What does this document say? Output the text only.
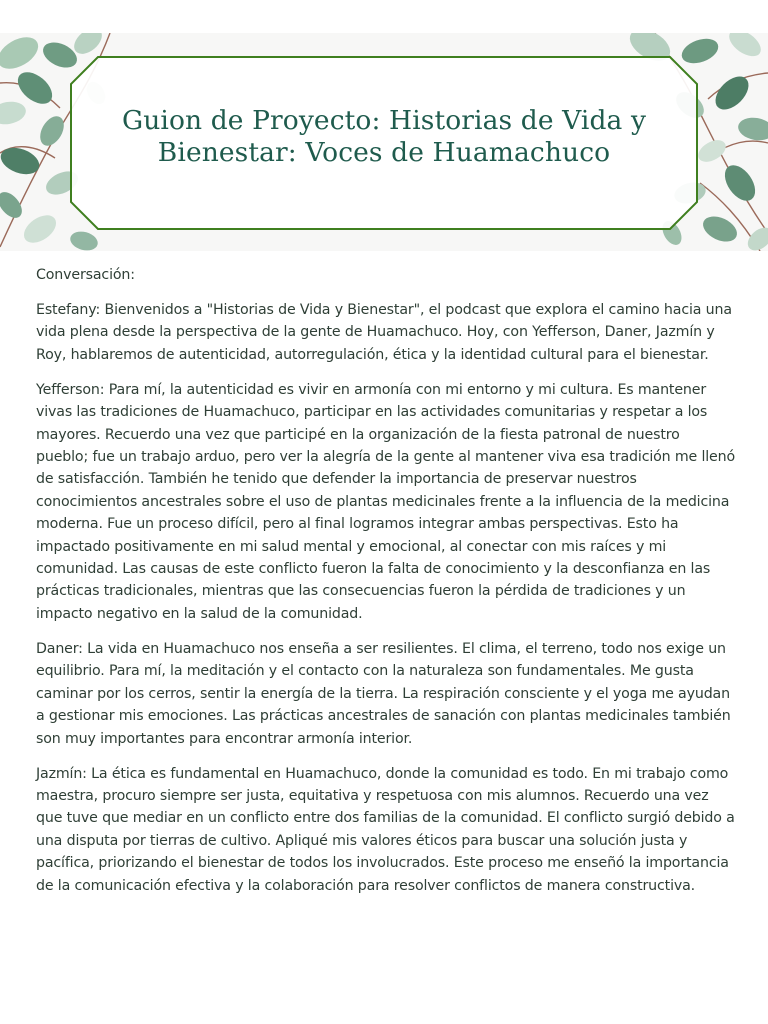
Guion de Proyecto: Historias de Vida y Bienestar: Voces de Huamachuco

Conversación:

Estefany: Bienvenidos a "Historias de Vida y Bienestar", el podcast que explora el camino hacia una vida plena desde la perspectiva de la gente de Huamachuco. Hoy, con Yefferson, Daner, Jazmín y Roy, hablaremos de autenticidad, autorregulación, ética y la identidad cultural para el bienestar.

Yefferson: Para mí, la autenticidad es vivir en armonía con mi entorno y mi cultura. Es mantener vivas las tradiciones de Huamachuco, participar en las actividades comunitarias y respetar a los mayores. Recuerdo una vez que participé en la organización de la fiesta patronal de nuestro pueblo; fue un trabajo arduo, pero ver la alegría de la gente al mantener viva esa tradición me llenó de satisfacción. También he tenido que defender la importancia de preservar nuestros conocimientos ancestrales sobre el uso de plantas medicinales frente a la influencia de la medicina moderna. Fue un proceso difícil, pero al final logramos integrar ambas perspectivas. Esto ha impactado positivamente en mi salud mental y emocional, al conectar con mis raíces y mi comunidad. Las causas de este conflicto fueron la falta de conocimiento y la desconfianza en las prácticas tradicionales, mientras que las consecuencias fueron la pérdida de tradiciones y un impacto negativo en la salud de la comunidad.

Daner: La vida en Huamachuco nos enseña a ser resilientes. El clima, el terreno, todo nos exige un equilibrio. Para mí, la meditación y el contacto con la naturaleza son fundamentales. Me gusta caminar por los cerros, sentir la energía de la tierra. La respiración consciente y el yoga me ayudan a gestionar mis emociones. Las prácticas ancestrales de sanación con plantas medicinales también son muy importantes para encontrar armonía interior.

Jazmín: La ética es fundamental en Huamachuco, donde la comunidad es todo. En mi trabajo como maestra, procuro siempre ser justa, equitativa y respetuosa con mis alumnos. Recuerdo una vez que tuve que mediar en un conflicto entre dos familias de la comunidad. El conflicto surgió debido a una disputa por tierras de cultivo. Apliqué mis valores éticos para buscar una solución justa y pacífica, priorizando el bienestar de todos los involucrados. Este proceso me enseñó la importancia de la comunicación efectiva y la colaboración para resolver conflictos de manera constructiva.
